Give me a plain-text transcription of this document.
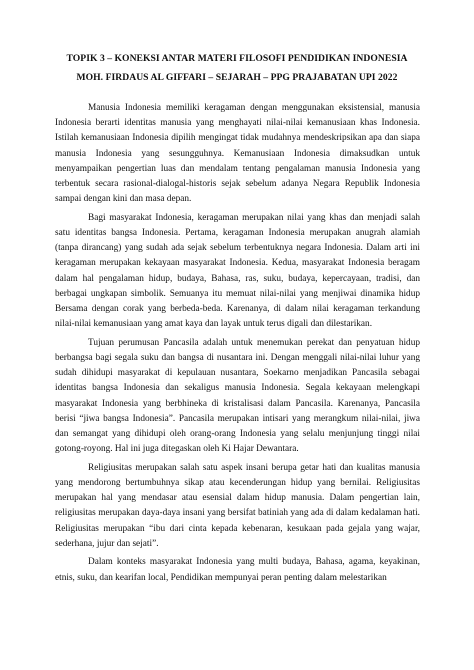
TOPIK 3 – KONEKSI ANTAR MATERI FILOSOFI PENDIDIKAN INDONESIA
MOH. FIRDAUS AL GIFFARI – SEJARAH – PPG PRAJABATAN UPI 2022

Manusia Indonesia memiliki keragaman dengan menggunakan eksistensial, manusia Indonesia berarti identitas manusia yang menghayati nilai-nilai kemanusiaan khas Indonesia. Istilah kemanusiaan Indonesia dipilih mengingat tidak mudahnya mendeskripsikan apa dan siapa manusia Indonesia yang sesungguhnya. Kemanusiaan Indonesia dimaksudkan untuk menyampaikan pengertian luas dan mendalam tentang pengalaman manusia Indonesia yang terbentuk secara rasional-dialogal-historis sejak sebelum adanya Negara Republik Indonesia sampai dengan kini dan masa depan.

Bagi masyarakat Indonesia, keragaman merupakan nilai yang khas dan menjadi salah satu identitas bangsa Indonesia. Pertama, keragaman Indonesia merupakan anugrah alamiah (tanpa dirancang) yang sudah ada sejak sebelum terbentuknya negara Indonesia. Dalam arti ini keragaman merupakan kekayaan masyarakat Indonesia. Kedua, masyarakat Indonesia beragam dalam hal pengalaman hidup, budaya, Bahasa, ras, suku, budaya, kepercayaan, tradisi, dan berbagai ungkapan simbolik. Semuanya itu memuat nilai-nilai yang menjiwai dinamika hidup Bersama dengan corak yang berbeda-beda. Karenanya, di dalam nilai keragaman terkandung nilai-nilai kemanusiaan yang amat kaya dan layak untuk terus digali dan dilestarikan.

Tujuan perumusan Pancasila adalah untuk menemukan perekat dan penyatuan hidup berbangsa bagi segala suku dan bangsa di nusantara ini. Dengan menggali nilai-nilai luhur yang sudah dihidupi masyarakat di kepulauan nusantara, Soekarno menjadikan Pancasila sebagai identitas bangsa Indonesia dan sekaligus manusia Indonesia. Segala kekayaan melengkapi masyarakat Indonesia yang berbhineka di kristalisasi dalam Pancasila. Karenanya, Pancasila berisi “jiwa bangsa Indonesia”. Pancasila merupakan intisari yang merangkum nilai-nilai, jiwa dan semangat yang dihidupi oleh orang-orang Indonesia yang selalu menjunjung tinggi nilai gotong-royong. Hal ini juga ditegaskan oleh Ki Hajar Dewantara.

Religiusitas merupakan salah satu aspek insani berupa getar hati dan kualitas manusia yang mendorong bertumbuhnya sikap atau kecenderungan hidup yang bernilai. Religiusitas merupakan hal yang mendasar atau esensial dalam hidup manusia. Dalam pengertian lain, religiusitas merupakan daya-daya insani yang bersifat batiniah yang ada di dalam kedalaman hati. Religiusitas merupakan “ibu dari cinta kepada kebenaran, kesukaan pada gejala yang wajar, sederhana, jujur dan sejati”.

Dalam konteks masyarakat Indonesia yang multi budaya, Bahasa, agama, keyakinan, etnis, suku, dan kearifan local, Pendidikan mempunyai peran penting dalam melestarikan
